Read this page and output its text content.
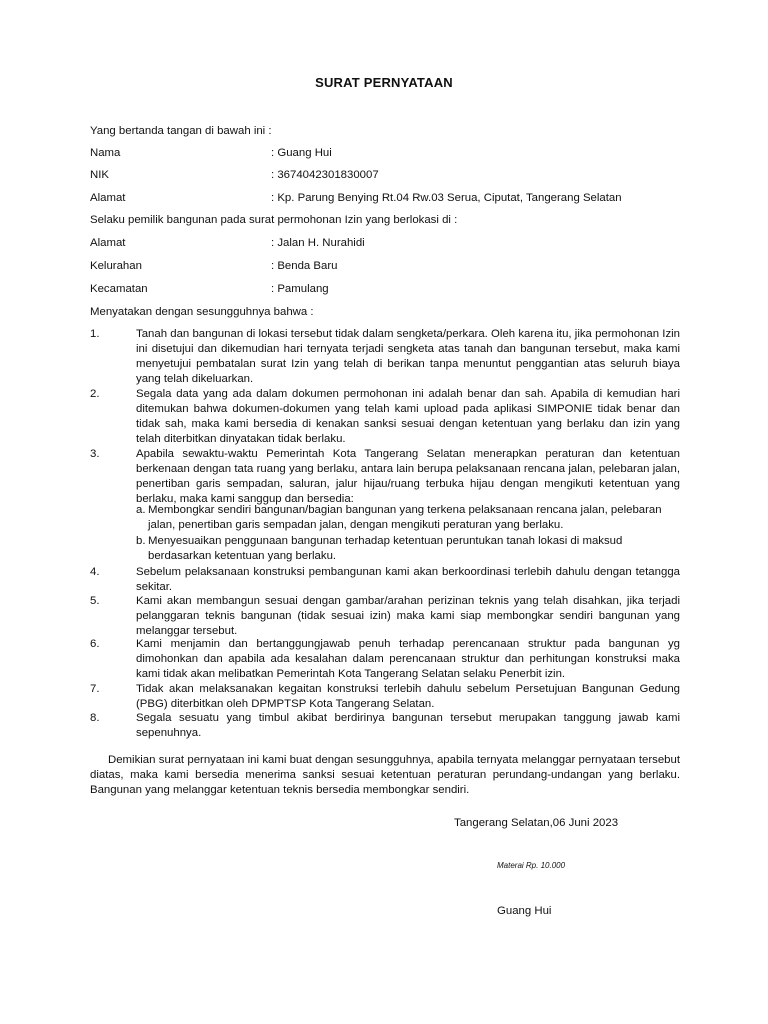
SURAT PERNYATAAN
Yang bertanda tangan di bawah ini :
Nama	: Guang Hui
NIK	: 3674042301830007
Alamat	: Kp. Parung Benying Rt.04 Rw.03 Serua, Ciputat, Tangerang Selatan
Selaku pemilik bangunan pada surat permohonan Izin yang berlokasi di :
Alamat	: Jalan H. Nurahidi
Kelurahan	: Benda Baru
Kecamatan	: Pamulang
Menyatakan dengan sesungguhnya bahwa :
1.	Tanah dan bangunan di lokasi tersebut tidak dalam sengketa/perkara. Oleh karena itu, jika permohonan Izin ini disetujui dan dikemudian hari ternyata terjadi sengketa atas tanah dan bangunan tersebut, maka kami menyetujui pembatalan surat Izin yang telah di berikan tanpa menuntut penggantian atas seluruh biaya yang telah dikeluarkan.
2.	Segala data yang ada dalam dokumen permohonan ini adalah benar dan sah. Apabila di kemudian hari ditemukan bahwa dokumen-dokumen yang telah kami upload pada aplikasi SIMPONIE tidak benar dan tidak sah, maka kami bersedia di kenakan sanksi sesuai dengan ketentuan yang berlaku dan izin yang telah diterbitkan dinyatakan tidak berlaku.
3.	Apabila sewaktu-waktu Pemerintah Kota Tangerang Selatan menerapkan peraturan dan ketentuan berkenaan dengan tata ruang yang berlaku, antara lain berupa pelaksanaan rencana jalan, pelebaran jalan, penertiban garis sempadan, saluran, jalur hijau/ruang terbuka hijau dengan mengikuti ketentuan yang berlaku, maka kami sanggup dan bersedia:
a. Membongkar sendiri bangunan/bagian bangunan yang terkena pelaksanaan rencana jalan, pelebaran jalan, penertiban garis sempadan jalan, dengan mengikuti peraturan yang berlaku.
b. Menyesuaikan penggunaan bangunan terhadap ketentuan peruntukan tanah lokasi di maksud berdasarkan ketentuan yang berlaku.
4.	Sebelum pelaksanaan konstruksi pembangunan kami akan berkoordinasi terlebih dahulu dengan tetangga sekitar.
5.	Kami akan membangun sesuai dengan gambar/arahan perizinan teknis yang telah disahkan, jika terjadi pelanggaran teknis bangunan (tidak sesuai izin) maka kami siap membongkar sendiri bangunan yang melanggar tersebut.
6.	Kami menjamin dan bertanggungjawab penuh terhadap perencanaan struktur pada bangunan yg dimohonkan dan apabila ada kesalahan dalam perencanaan struktur dan perhitungan konstruksi maka kami tidak akan melibatkan Pemerintah Kota Tangerang Selatan selaku Penerbit izin.
7.	Tidak akan melaksanakan kegaitan konstruksi terlebih dahulu sebelum Persetujuan Bangunan Gedung (PBG) diterbitkan oleh DPMPTSP Kota Tangerang Selatan.
8.	Segala sesuatu yang timbul akibat berdirinya bangunan tersebut merupakan tanggung jawab kami sepenuhnya.
Demikian surat pernyataan ini kami buat dengan sesungguhnya, apabila ternyata melanggar pernyataan tersebut diatas, maka kami bersedia menerima sanksi sesuai ketentuan peraturan perundang-undangan yang berlaku. Bangunan yang melanggar ketentuan teknis bersedia membongkar sendiri.
Tangerang Selatan,06 Juni 2023
Materai Rp. 10.000
Guang Hui
